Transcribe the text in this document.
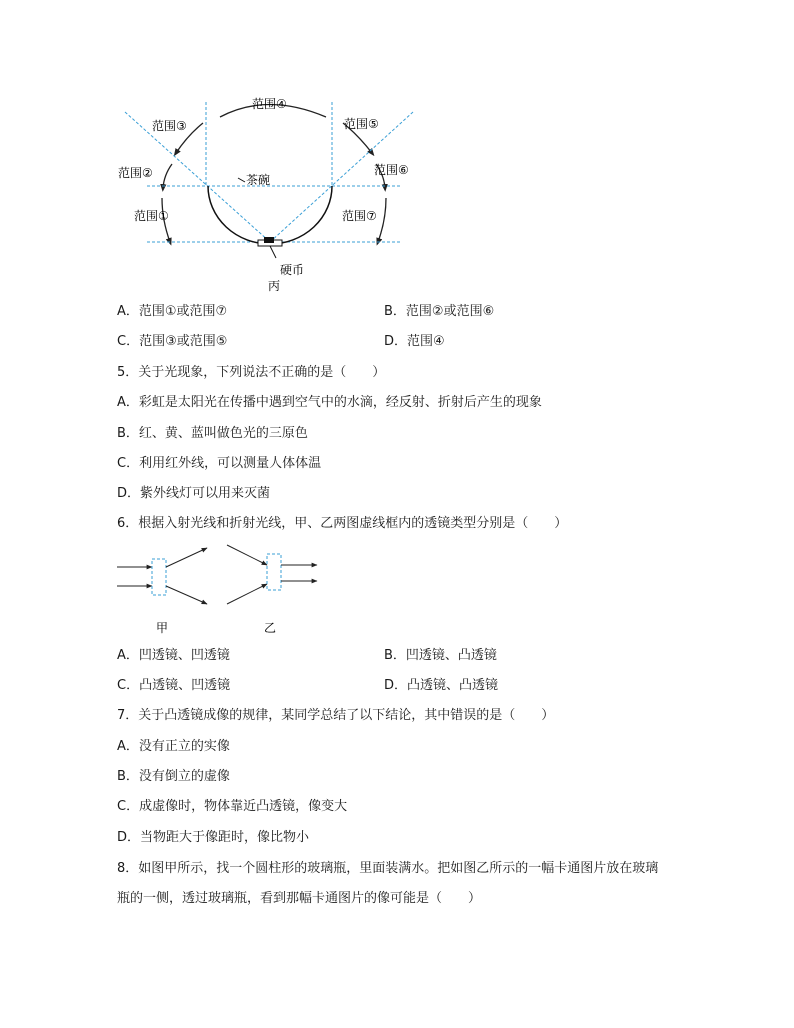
范围④
范围③	范围⑤
范围②	范围⑥
范围①	范围⑦
茶碗
硬币
丙
A．范围①或范围⑦	B．范围②或范围⑥
C．范围③或范围⑤	D．范围④
5．关于光现象，下列说法不正确的是（　　）
A．彩虹是太阳光在传播中遇到空气中的水滴，经反射、折射后产生的现象
B．红、黄、蓝叫做色光的三原色
C．利用红外线，可以测量人体体温
D．紫外线灯可以用来灭菌
6．根据入射光线和折射光线，甲、乙两图虚线框内的透镜类型分别是（　　）
甲	乙
A．凹透镜、凹透镜	B．凹透镜、凸透镜
C．凸透镜、凹透镜	D．凸透镜、凸透镜
7．关于凸透镜成像的规律，某同学总结了以下结论，其中错误的是（　　）
A．没有正立的实像
B．没有倒立的虚像
C．成虚像时，物体靠近凸透镜，像变大
D．当物距大于像距时，像比物小
8．如图甲所示，找一个圆柱形的玻璃瓶，里面装满水。把如图乙所示的一幅卡通图片放在玻璃
瓶的一侧，透过玻璃瓶，看到那幅卡通图片的像可能是（　　）
